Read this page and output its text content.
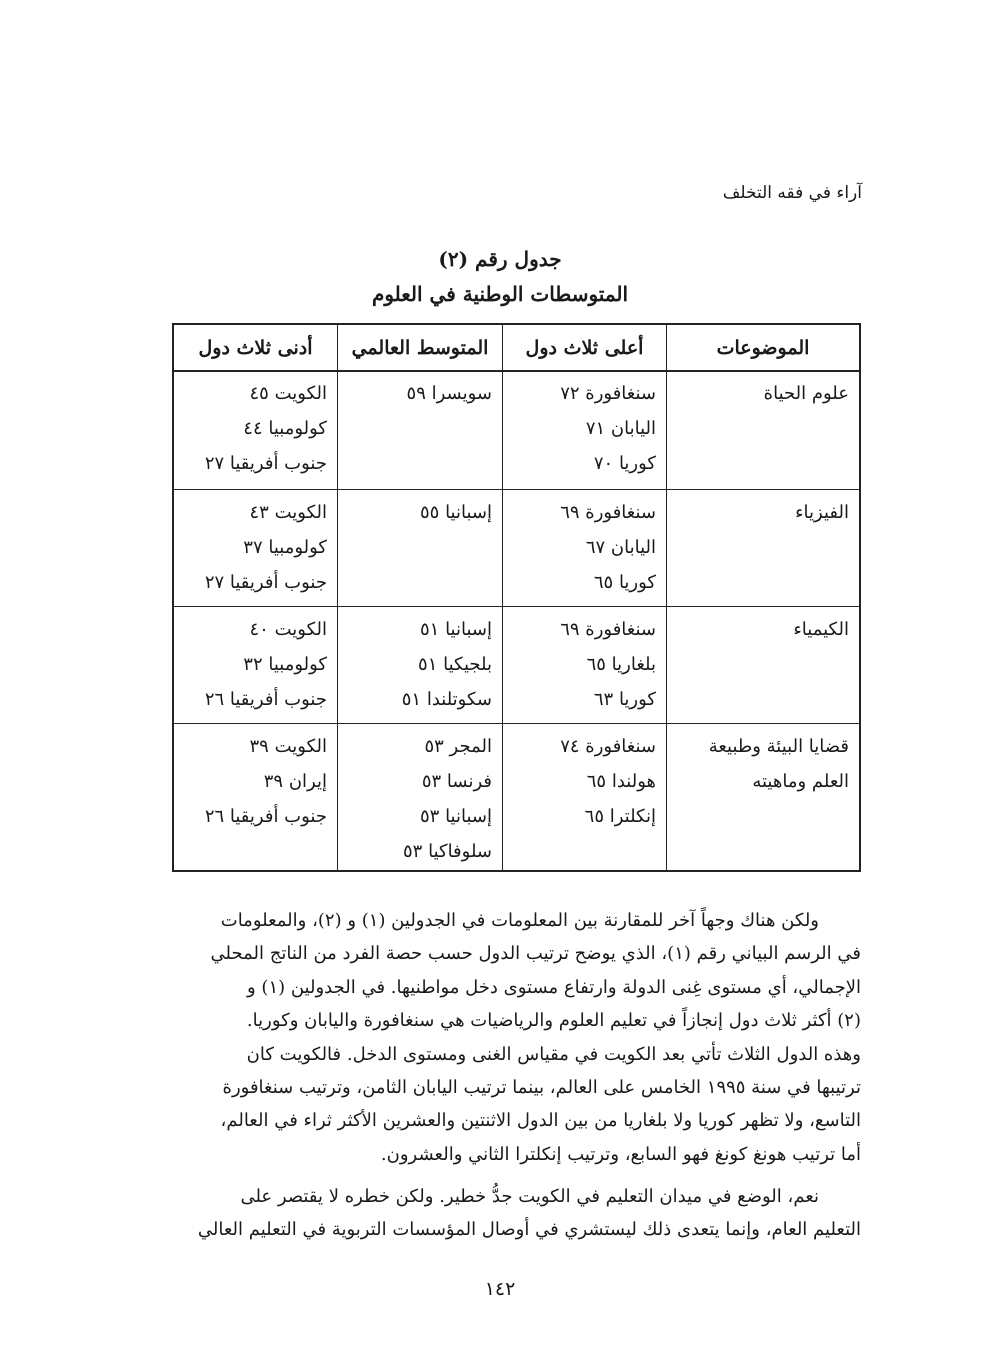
آراء في فقه التخلف
جدول رقم (٢)
المتوسطات الوطنية في العلوم
الموضوعات
أعلى ثلاث دول
المتوسط العالمي
أدنى ثلاث دول
علوم الحياة
سنغافورة ٧٢
اليابان ٧١
كوريا ٧٠
سويسرا ٥٩
الكويت ٤٥
كولومبيا ٤٤
جنوب أفريقيا ٢٧
الفيزياء
سنغافورة ٦٩
اليابان ٦٧
كوريا ٦٥
إسبانيا ٥٥
الكويت ٤٣
كولومبيا ٣٧
جنوب أفريقيا ٢٧
الكيمياء
سنغافورة ٦٩
بلغاريا ٦٥
كوريا ٦٣
إسبانيا ٥١
بلجيكيا ٥١
سكوتلندا ٥١
الكويت ٤٠
كولومبيا ٣٢
جنوب أفريقيا ٢٦
قضايا البيئة وطبيعة
العلم وماهيته
سنغافورة ٧٤
هولندا ٦٥
إنكلترا ٦٥
المجر ٥٣
فرنسا ٥٣
إسبانيا ٥٣
سلوفاكيا ٥٣
الكويت ٣٩
إيران ٣٩
جنوب أفريقيا ٢٦
ولكن هناك وجهاً آخر للمقارنة بين المعلومات في الجدولين (١) و (٢)، والمعلومات
في الرسم البياني رقم (١)، الذي يوضح ترتيب الدول حسب حصة الفرد من الناتج المحلي
الإجمالي، أي مستوى غِنى الدولة وارتفاع مستوى دخل مواطنيها. في الجدولين (١) و
(٢) أكثر ثلاث دول إنجازاً في تعليم العلوم والرياضيات هي سنغافورة واليابان وكوريا.
وهذه الدول الثلاث تأتي بعد الكويت في مقياس الغنى ومستوى الدخل. فالكويت كان
ترتيبها في سنة ١٩٩٥ الخامس على العالم، بينما ترتيب اليابان الثامن، وترتيب سنغافورة
التاسع، ولا تظهر كوريا ولا بلغاريا من بين الدول الاثنتين والعشرين الأكثر ثراء في العالم،
أما ترتيب هونغ كونغ فهو السابع، وترتيب إنكلترا الثاني والعشرون.
نعم، الوضع في ميدان التعليم في الكويت جدُّ خطير. ولكن خطره لا يقتصر على
التعليم العام، وإنما يتعدى ذلك ليستشري في أوصال المؤسسات التربوية في التعليم العالي
١٤٢
